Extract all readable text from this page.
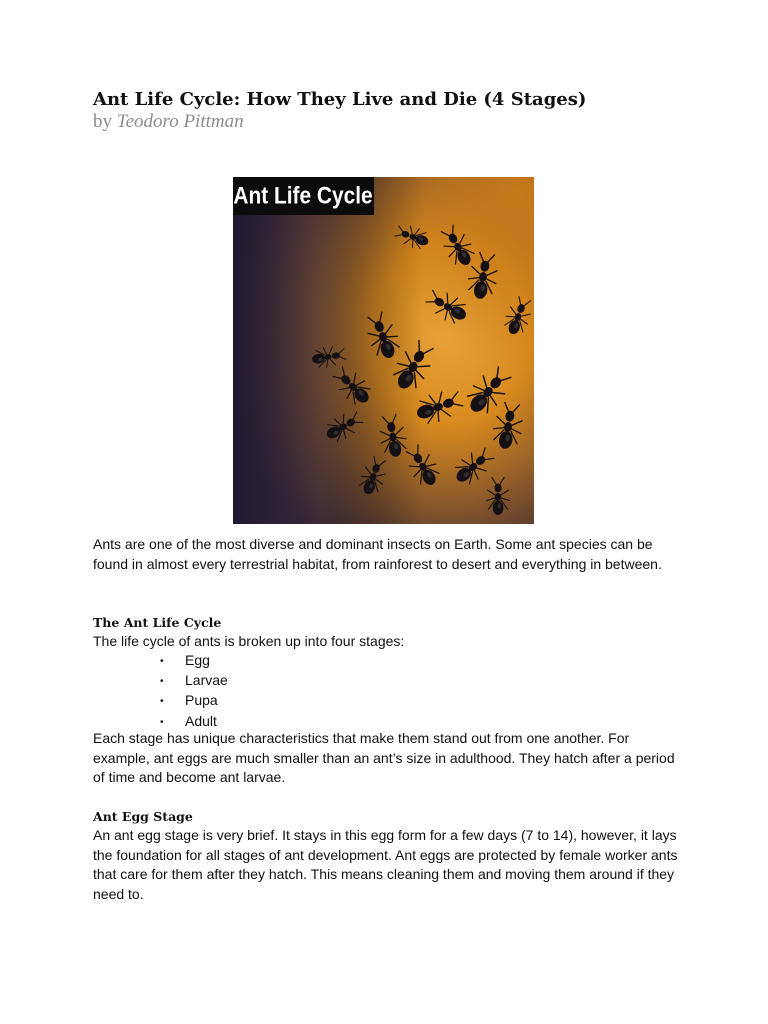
Ant Life Cycle: How They Live and Die (4 Stages)
by Teodoro Pittman
Ant Life Cycle

Ants are one of the most diverse and dominant insects on Earth. Some ant species can be found in almost every terrestrial habitat, from rainforest to desert and everything in between.

The Ant Life Cycle

The life cycle of ants is broken up into four stages:

• Egg
• Larvae
• Pupa
• Adult

Each stage has unique characteristics that make them stand out from one another. For example, ant eggs are much smaller than an ant’s size in adulthood. They hatch after a period of time and become ant larvae.

Ant Egg Stage

An ant egg stage is very brief. It stays in this egg form for a few days (7 to 14), however, it lays the foundation for all stages of ant development. Ant eggs are protected by female worker ants that care for them after they hatch. This means cleaning them and moving them around if they need to.
